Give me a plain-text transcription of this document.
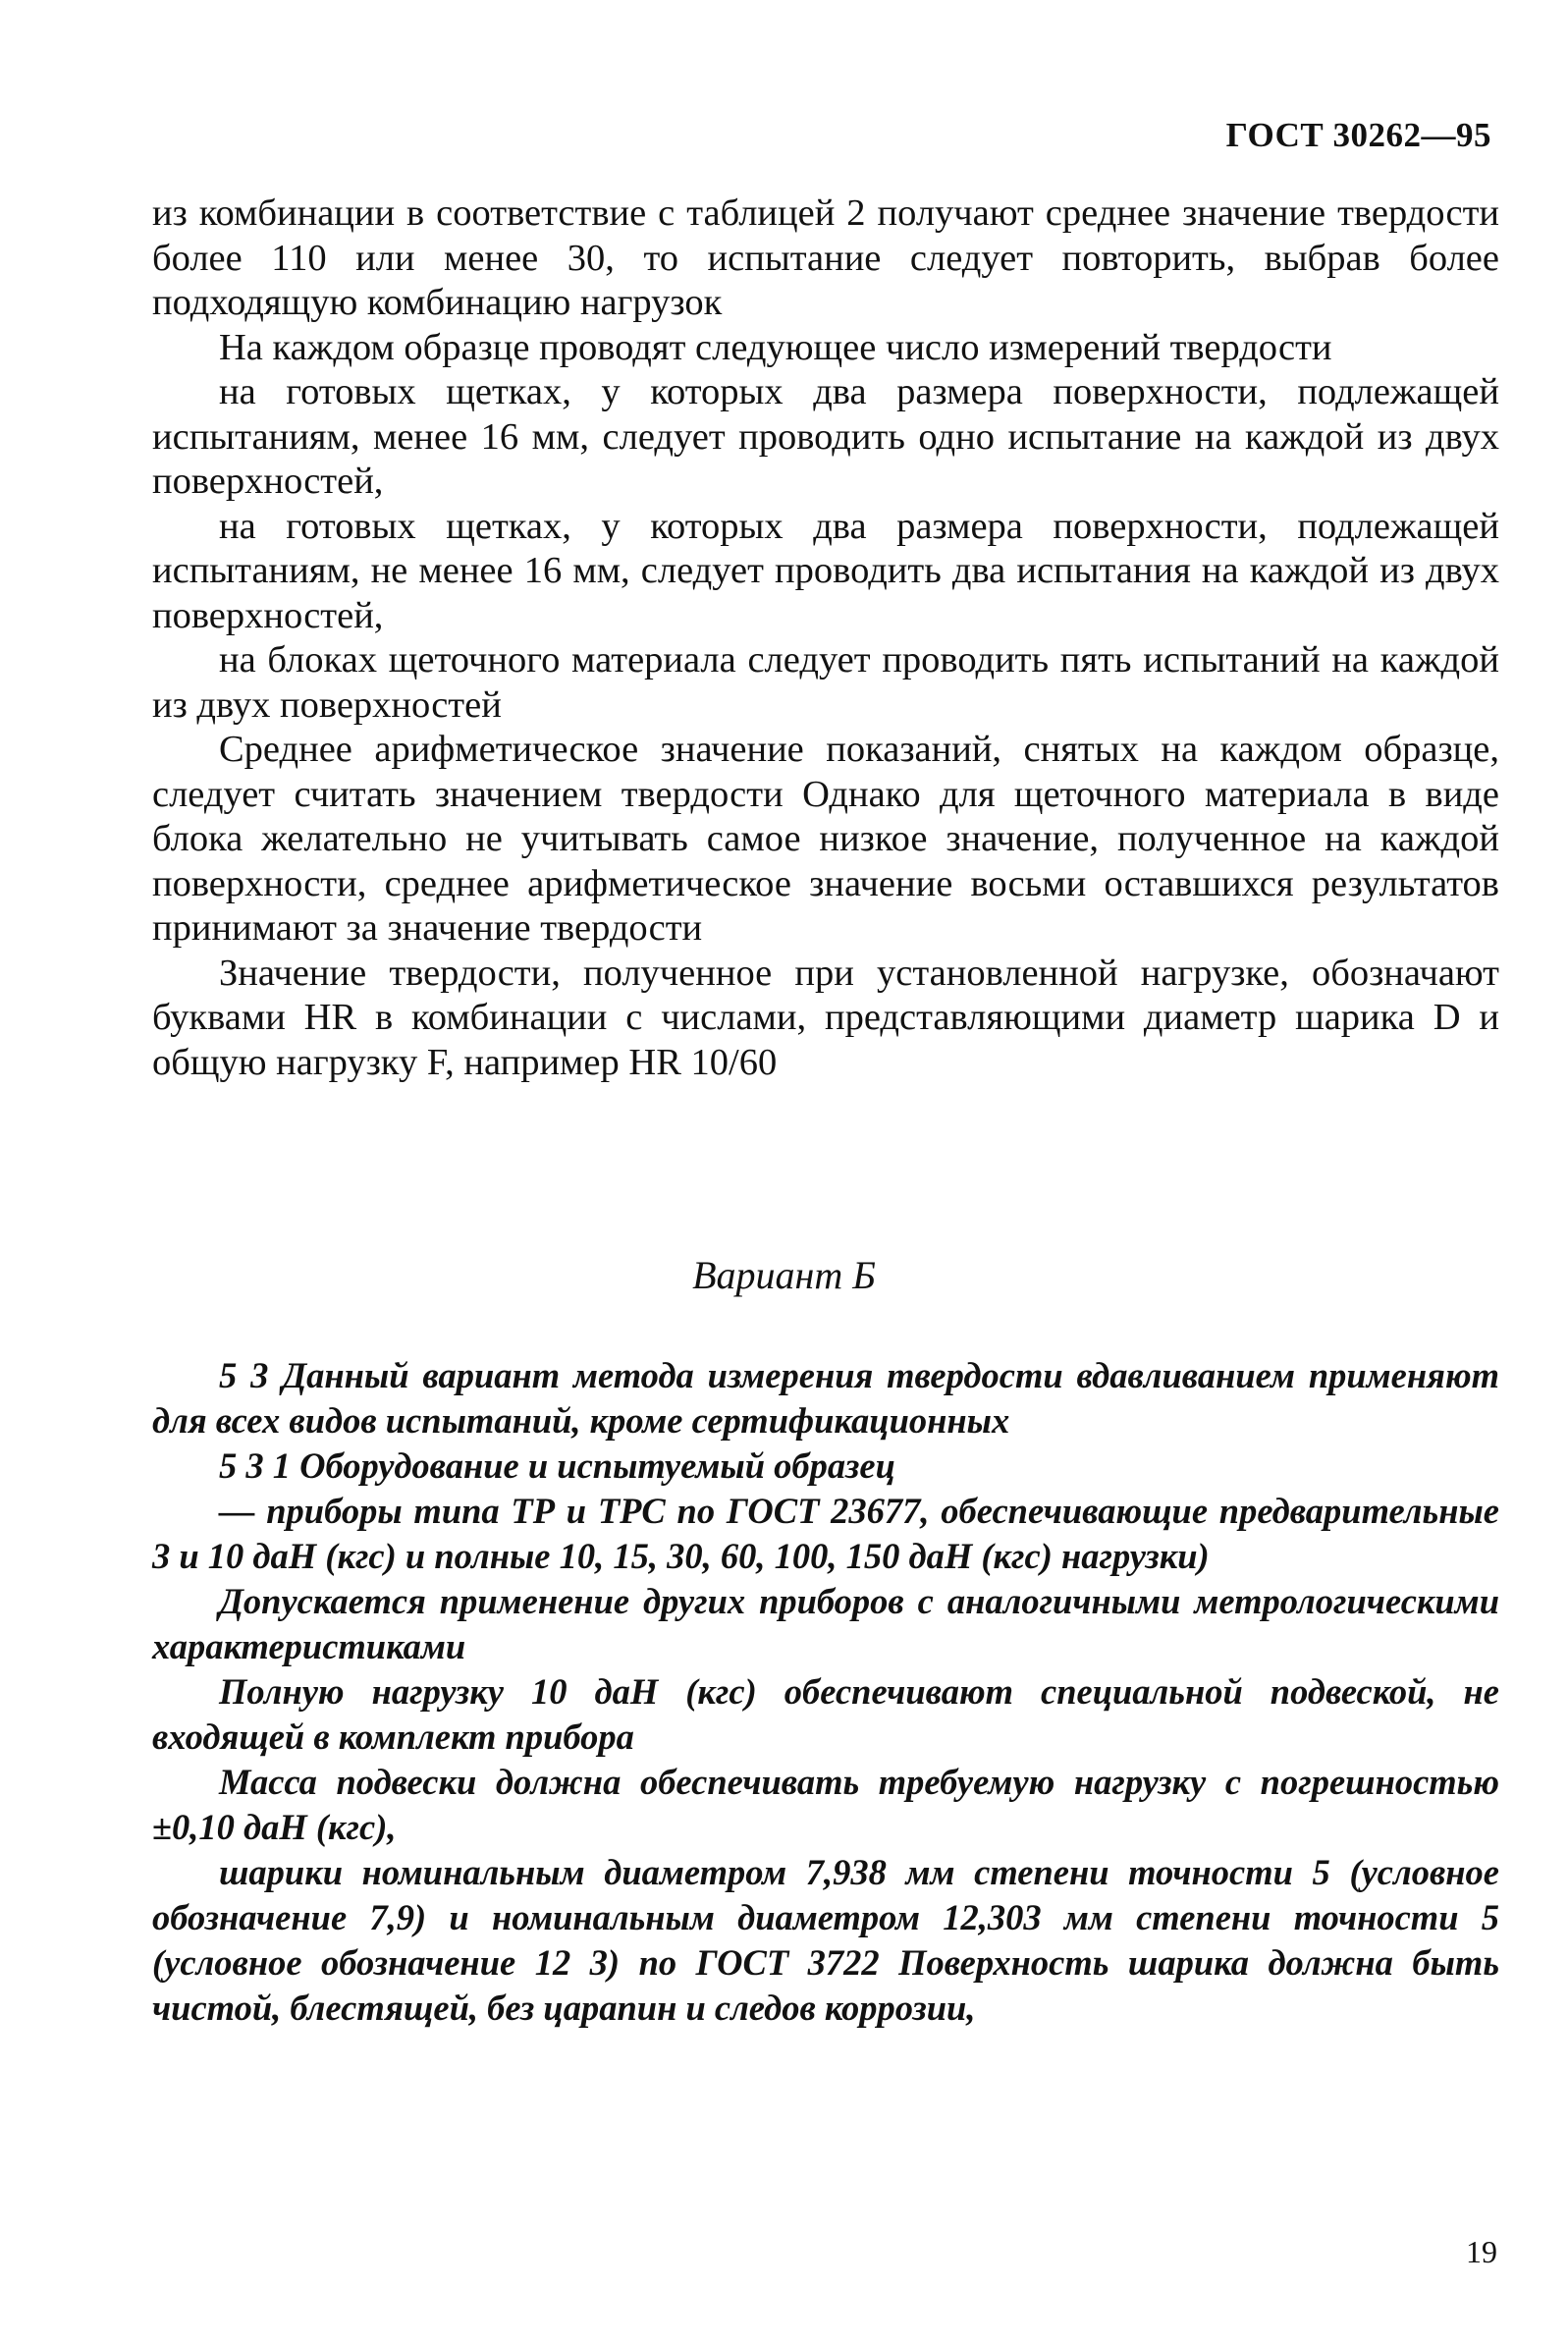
ГОСТ 30262—95

из комбинации в соответствие с таблицей 2 получают среднее значение твердости более 110 или менее 30, то испытание следует повторить, выбрав более подходящую комбинацию нагрузок

На каждом образце проводят следующее число измерений твердости

на готовых щетках, у которых два размера поверхности, подлежащей испытаниям, менее 16 мм, следует проводить одно испытание на каждой из двух поверхностей,

на готовых щетках, у которых два размера поверхности, подлежащей испытаниям, не менее 16 мм, следует проводить два испытания на каждой из двух поверхностей,

на блоках щеточного материала следует проводить пять испытаний на каждой из двух поверхностей

Среднее арифметическое значение показаний, снятых на каждом образце, следует считать значением твердости Однако для щеточного материала в виде блока желательно не учитывать самое низкое значение, полученное на каждой поверхности, среднее арифметическое значение восьми оставшихся результатов принимают за значение твердости

Значение твердости, полученное при установленной нагрузке, обозначают буквами HR в комбинации с числами, представляющими диаметр шарика D и общую нагрузку F, например HR 10/60

Вариант Б

5 3 Данный вариант метода измерения твердости вдавливанием применяют для всех видов испытаний, кроме сертификационных

5 3 1 Оборудование и испытуемый образец

— приборы типа ТР и ТРС по ГОСТ 23677, обеспечивающие предварительные 3 и 10 даН (кгс) и полные 10, 15, 30, 60, 100, 150 даН (кгс) нагрузки)

Допускается применение других приборов с аналогичными метрологическими характеристиками

Полную нагрузку 10 даН (кгс) обеспечивают специальной подвеской, не входящей в комплект прибора

Масса подвески должна обеспечивать требуемую нагрузку с погрешностью ±0,10 даН (кгс),

шарики номинальным диаметром 7,938 мм степени точности 5 (условное обозначение 7,9) и номинальным диаметром 12,303 мм степени точности 5 (условное обозначение 12 3) по ГОСТ 3722 Поверхность шарика должна быть чистой, блестящей, без царапин и следов коррозии,

19
